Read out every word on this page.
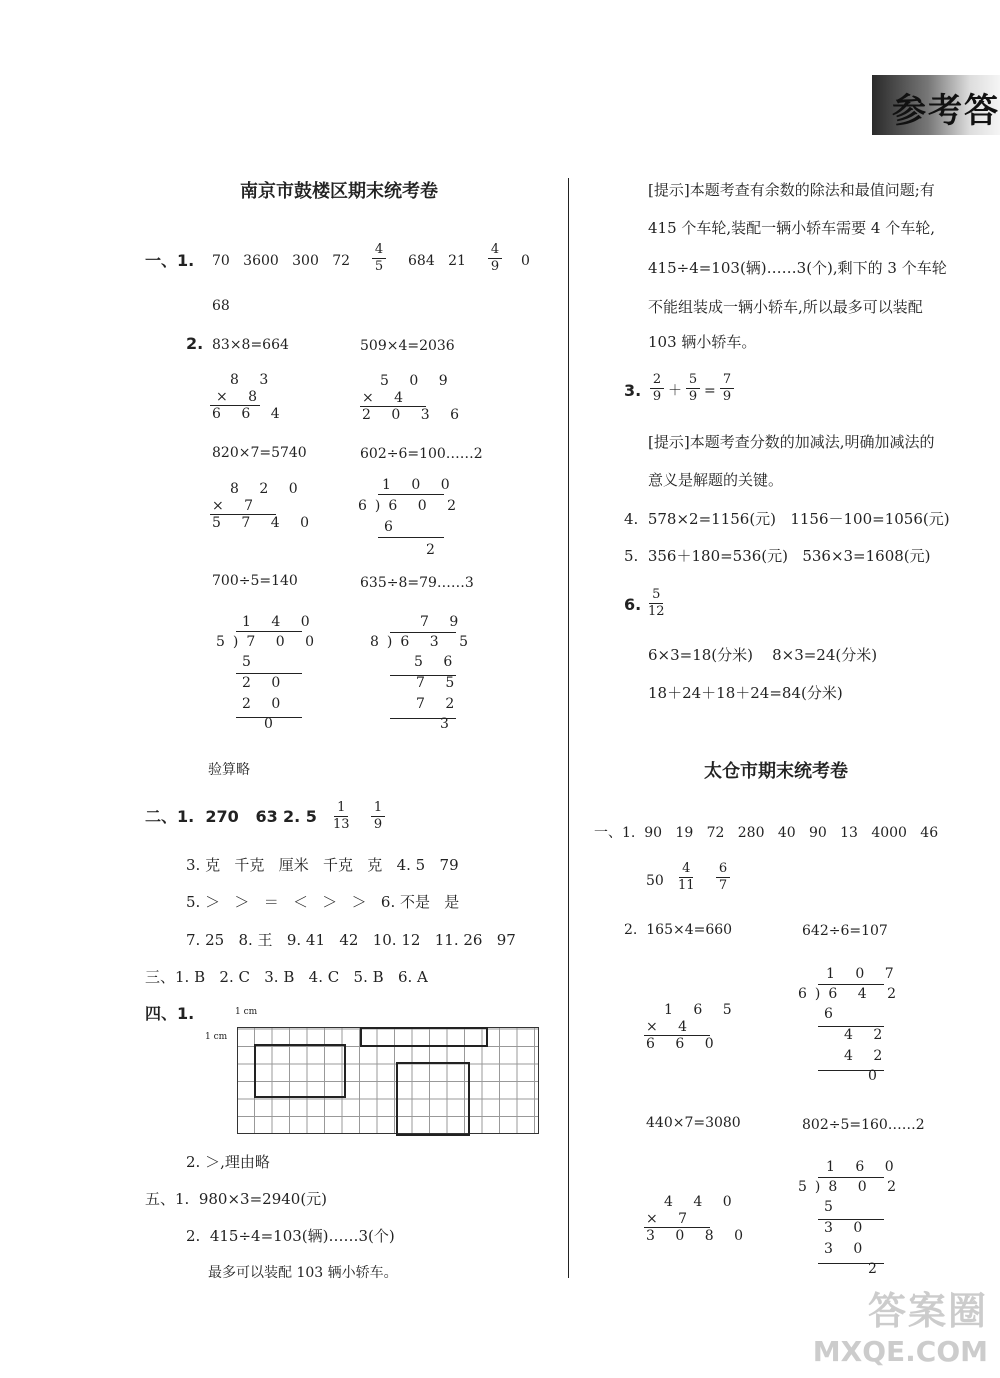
参考答
南京市鼓楼区期末统考卷
一、1. 70   3600   300   72
4
5 684   21
4
9 0
68
2. 83×8=664	509×4=2036
8 3
× 8
6 6 4
5 0 9
× 4
2 0 3 6
820×7=5740	602÷6=100……2
8 2 0
× 7
5 7 4 0
1 0 0
6)6 0 2
6
2
700÷5=140	635÷8=79……3
1 4 0
5)7 0 0
5
2 0
2 0
0
7 9
8)6 3 5
5 6
7 5
7 2
3
验算略
二、1.  270   63 2. 5 1
13
1
9
3. 克   千克   厘米   千克   克   4. 5   79
5. ＞   ＞   ＝   ＜   ＞   ＞   6. 不是   是
7. 25   8. 王   9. 41   42   10. 12   11. 26   97
三、1. B   2. C   3. B   4. C   5. B   6. A
四、1.	1 cm
1 cm
2. ＞,理由略
五、1.  980×3=2940(元)
2.  415÷4=103(辆)……3(个)
最多可以装配 103 辆小轿车。
[提示]本题考查有余数的除法和最值问题;有
415 个车轮,装配一辆小轿车需要 4 个车轮,
415÷4=103(辆)……3(个),剩下的 3 个车轮
不能组装成一辆小轿车,所以最多可以装配
103 辆小轿车。
3.
2
9 ＋
5
9 =
7
9
[提示]本题考查分数的加减法,明确加减法的
意义是解题的关键。
4.  578×2=1156(元)   1156－100=1056(元)
5.  356＋180=536(元)   536×3=1608(元)
6.
5
12
6×3=18(分米)    8×3=24(分米)
18＋24＋18＋24=84(分米)
太仓市期末统考卷
一、1.  90   19   72   280   40   90   13   4000   46
50
4
11
6
7
2.  165×4=660	642÷6=107
1 0 7
6)6 4 2
6
4 2
4 2
0
1 6 5
× 4
6 6 0
440×7=3080	802÷5=160……2
1 6 0
5)8 0 2
5
3 0
3 0
2
4 4 0
× 7
3 0 8 0
答案圈
MXQE.COM
